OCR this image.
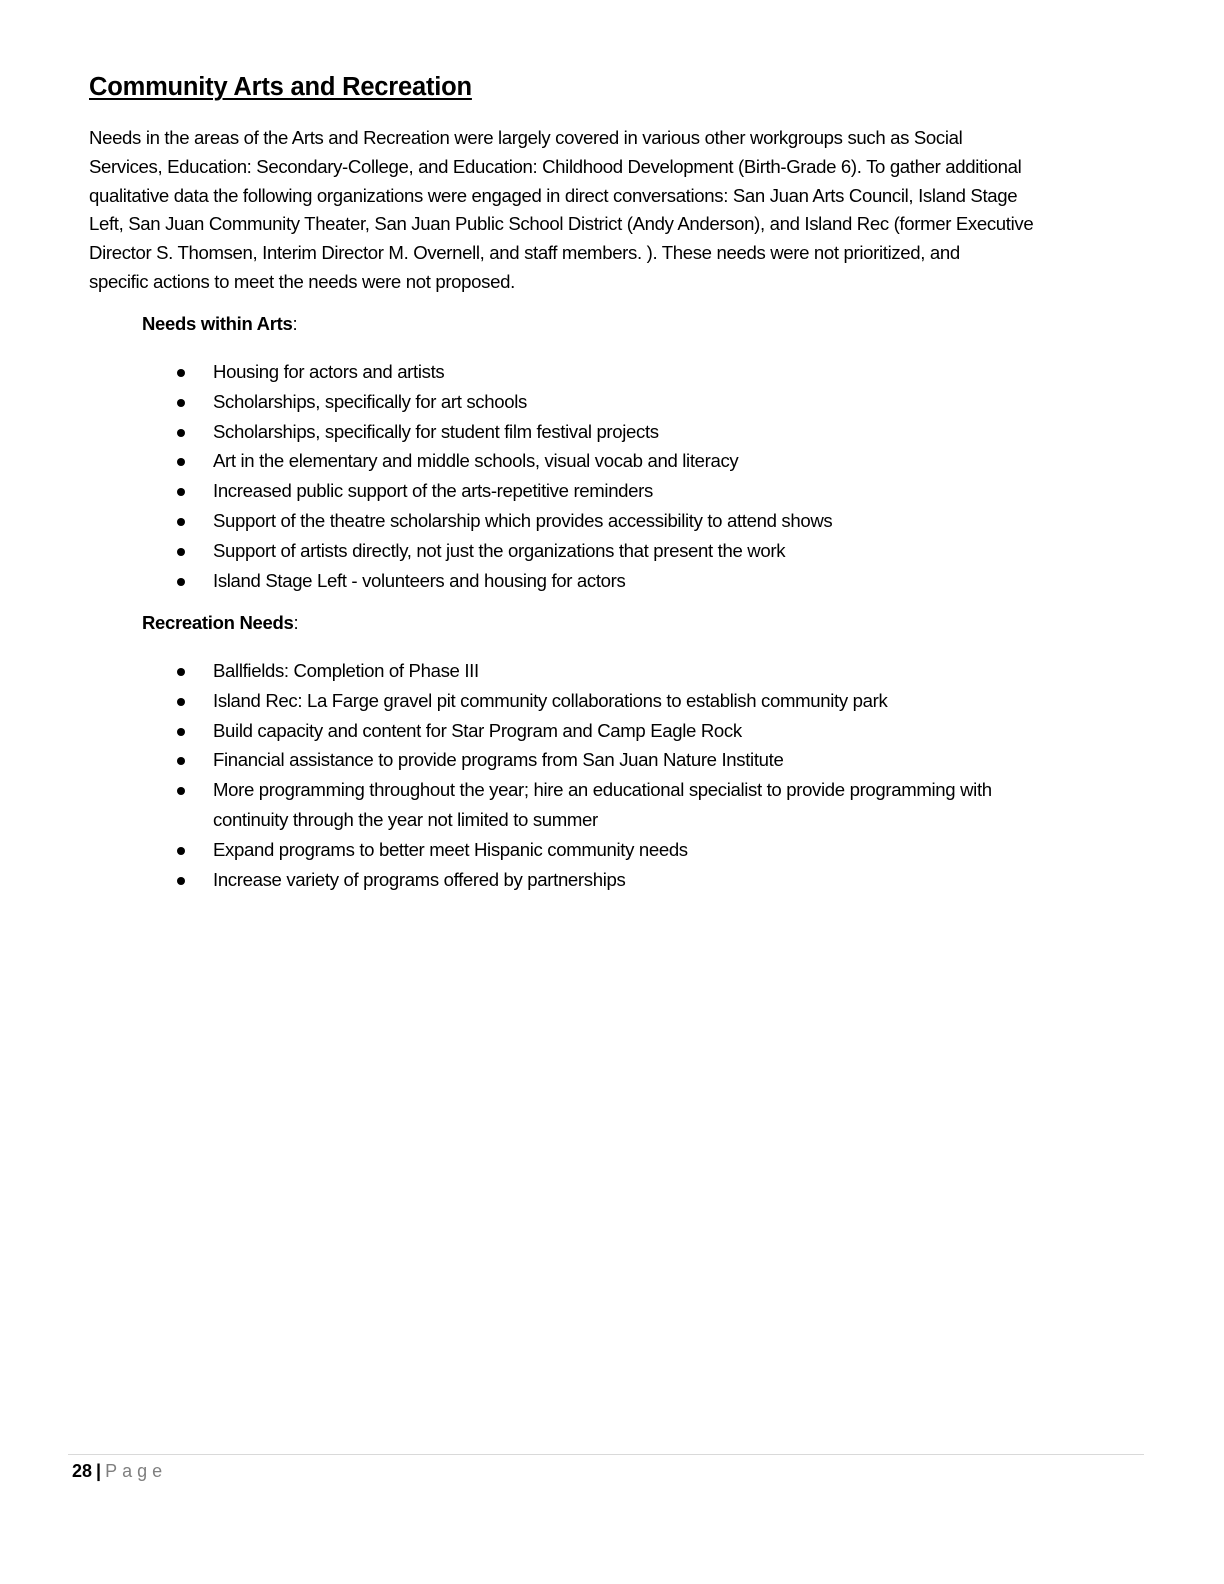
Community Arts and Recreation

Needs in the areas of the Arts and Recreation were largely covered in various other workgroups such as Social
Services, Education: Secondary-College, and Education: Childhood Development (Birth-Grade 6). To gather additional
qualitative data the following organizations were engaged in direct conversations: San Juan Arts Council, Island Stage
Left, San Juan Community Theater, San Juan Public School District (Andy Anderson), and Island Rec (former Executive
Director S. Thomsen, Interim Director M. Overnell, and staff members. ). These needs were not prioritized, and
specific actions to meet the needs were not proposed.

Needs within Arts:

Housing for actors and artists
Scholarships, specifically for art schools
Scholarships, specifically for student film festival projects
Art in the elementary and middle schools, visual vocab and literacy
Increased public support of the arts-repetitive reminders
Support of the theatre scholarship which provides accessibility to attend shows
Support of artists directly, not just the organizations that present the work
Island Stage Left - volunteers and housing for actors

Recreation Needs:

Ballfields: Completion of Phase III
Island Rec: La Farge gravel pit community collaborations to establish community park
Build capacity and content for Star Program and Camp Eagle Rock
Financial assistance to provide programs from San Juan Nature Institute
More programming throughout the year; hire an educational specialist to provide programming with
continuity through the year not limited to summer
Expand programs to better meet Hispanic community needs
Increase variety of programs offered by partnerships
28 | Page
